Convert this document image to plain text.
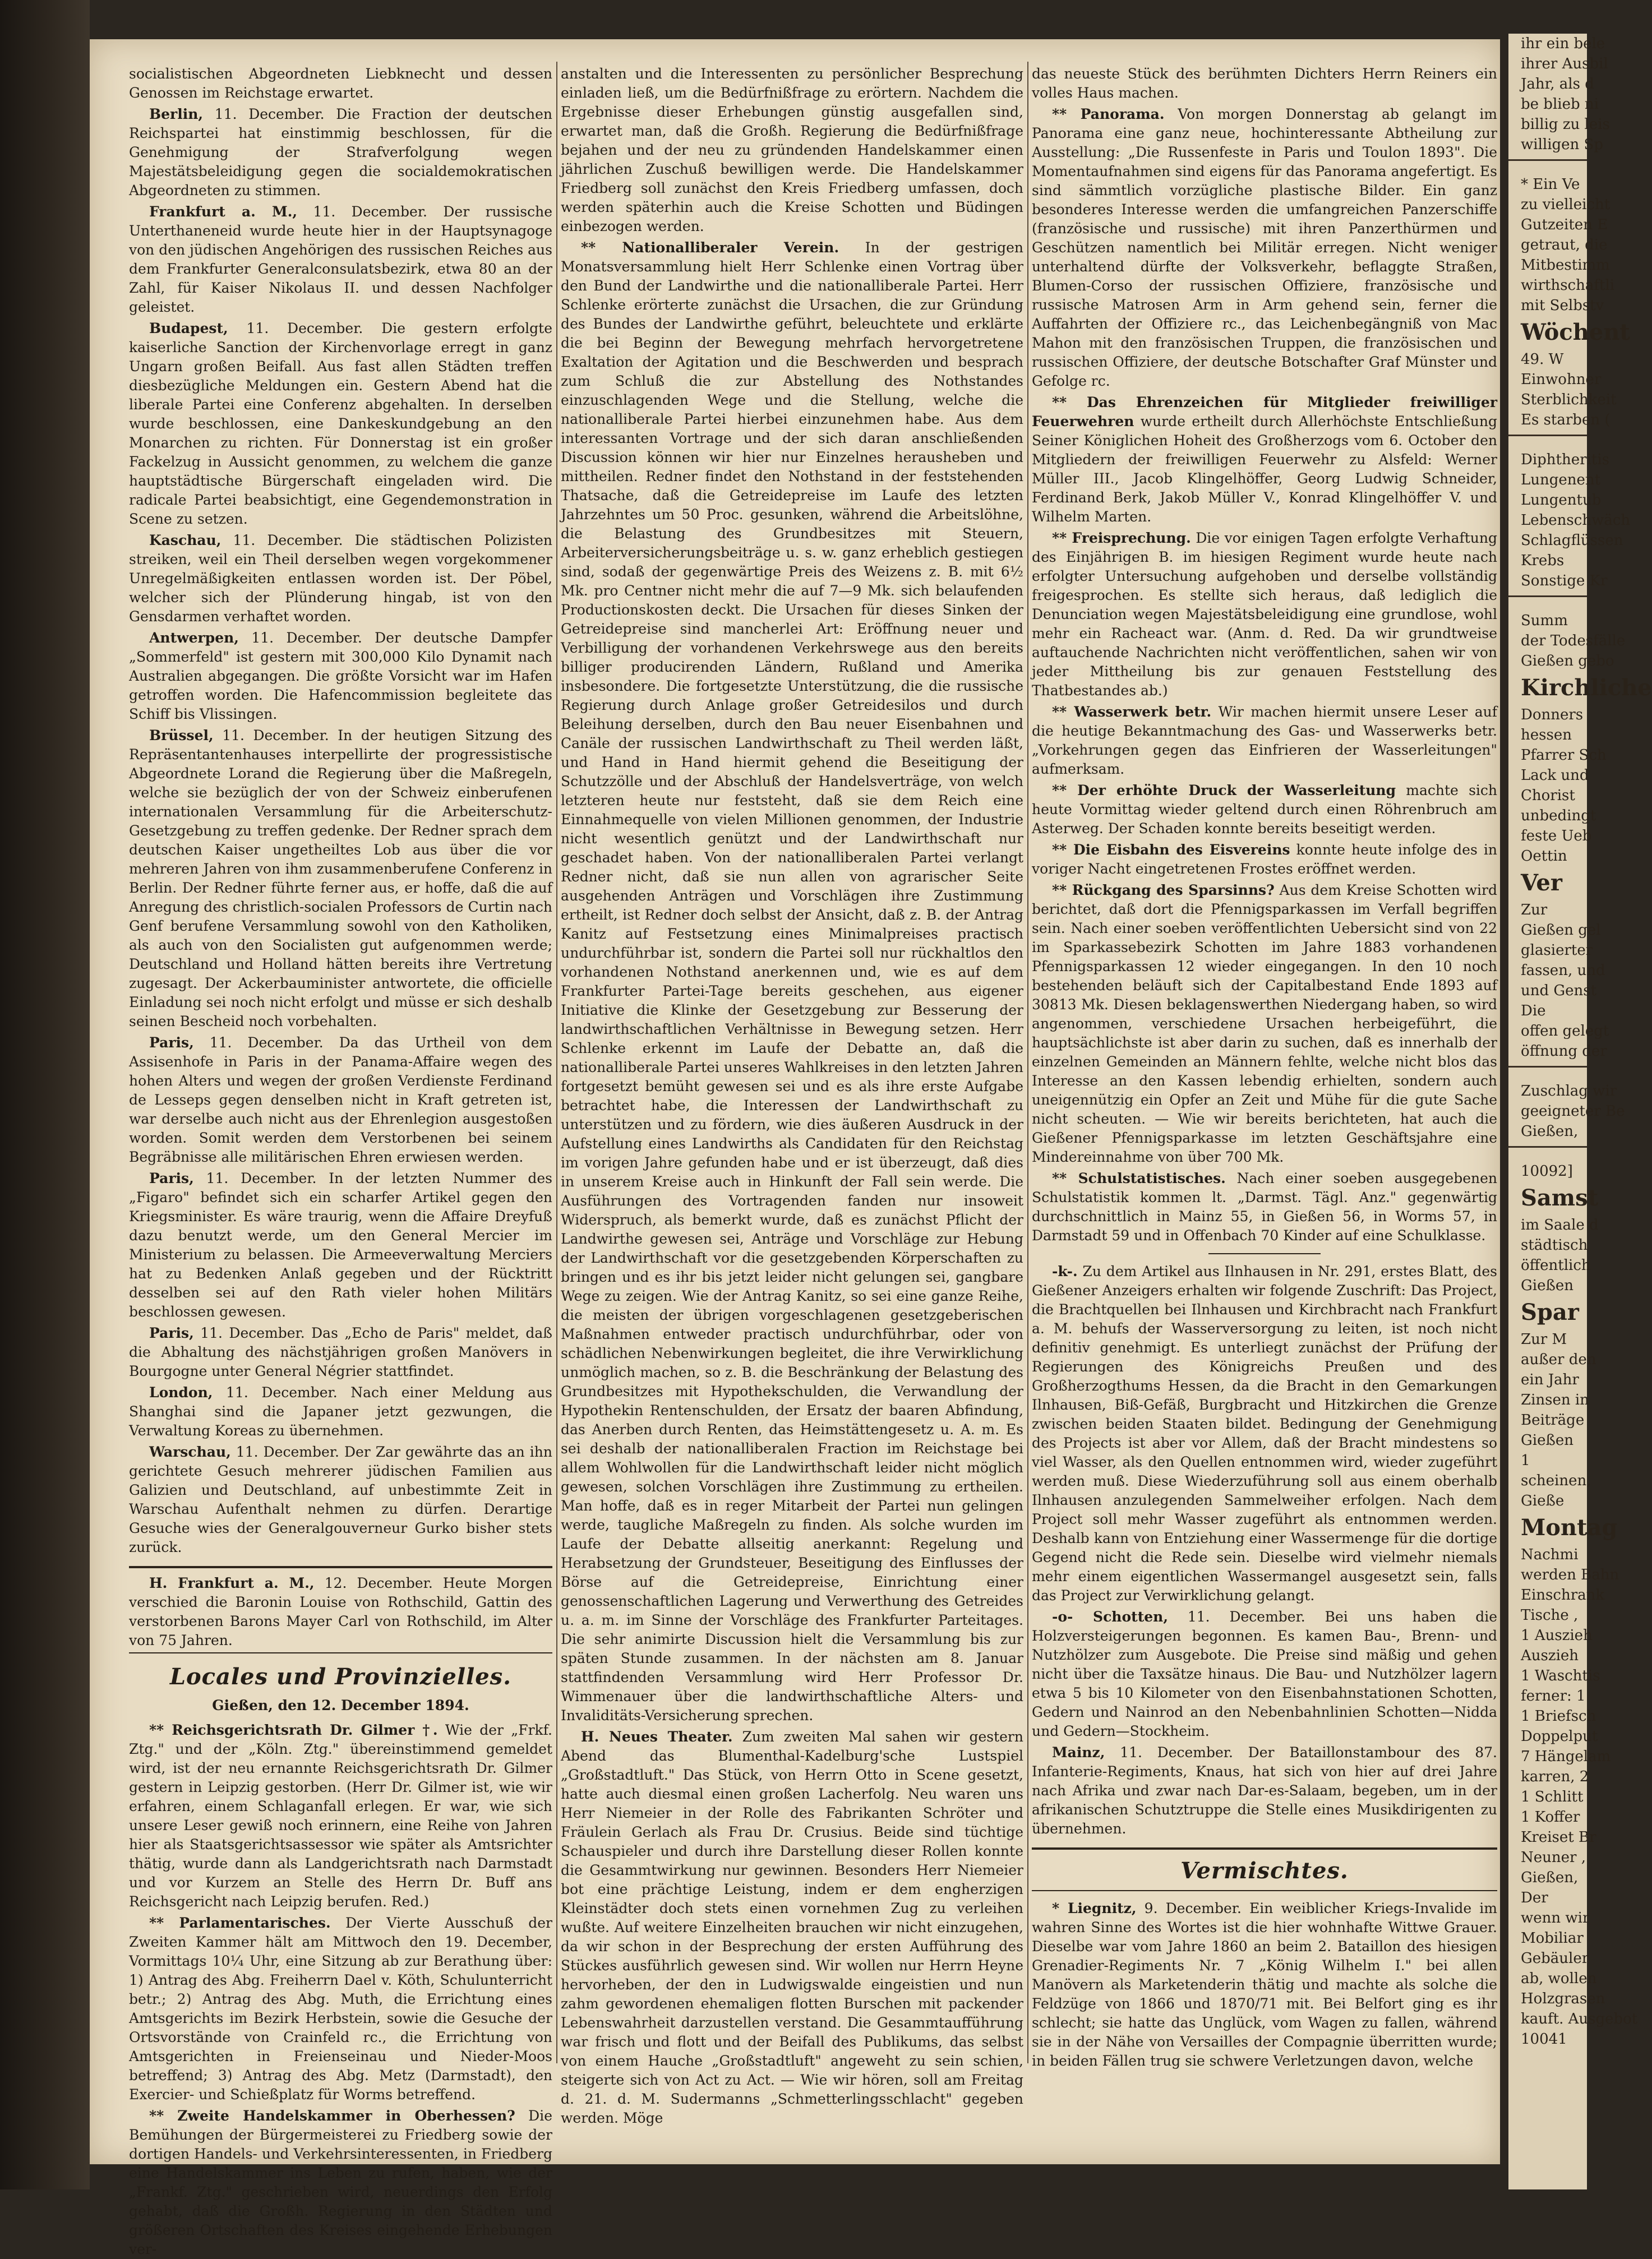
ihr ein bele
ihrer Ausbil
Jahr, als d
be blieb ni
billig zu leis
willigen Sp
* Ein Ve
zu vielleicht
Gutzeiten E
getraut, die
Mitbestimm
wirthschaftli
mit Selbstv
Wöchent
49. W
Einwohner
Sterblichkeit
Es starben (
Diphtheritis
Lungenent
Lungentub
Lebenschwäch
Schlagflüssen
Krebs
Sonstige Kr
Summ
der Todesfälle
Gießen gebo
Kirchliche
Donners
hessen
Pfarrer Sch
Lack und
Chorist
unbedingt
feste Ueb
Oettin
Ver
Zur
Gießen gel
glasierter
fassen, und
und Genst
Die
offen gelegt
öffnung der
Zuschlag wir
geeigneter Be
Gießen,
10092]
Samst
im Saale d
städtisch
öffentlich
Gießen
Spar
Zur M
außer den
ein Jahr
Zinsen in
Beiträge
Gießen
1
scheinen,
Gieße
Montag
Nachmi
werden Bahn
Einschrank
Tische ,
1 Auszieh
Auszieh
1 Waschtis
ferner: 1
1 Briefsch
Doppelput
7 Hängelam
karren, 2
1 Schlitt
1 Koffer
Kreiset Br
Neuner ,
Gießen,
Der
wenn wir
Mobiliar
Gebäuler
ab, wollen
Holzgrasen
kauft. Ausgebot
10041

socialistischen Abgeordneten Liebknecht und dessen Genossen im Reichstage erwartet.

Berlin, 11. December. Die Fraction der deutschen Reichspartei hat einstimmig beschlossen, für die Genehmigung der Strafverfolgung wegen Majestätsbeleidigung gegen die socialdemokratischen Abgeordneten zu stimmen.

Frankfurt a. M., 11. December. Der russische Unterthaneneid wurde heute hier in der Hauptsynagoge von den jüdischen Angehörigen des russischen Reiches aus dem Frankfurter Generalconsulatsbezirk, etwa 80 an der Zahl, für Kaiser Nikolaus II. und dessen Nachfolger geleistet.

Budapest, 11. December. Die gestern erfolgte kaiserliche Sanction der Kirchenvorlage erregt in ganz Ungarn großen Beifall. Aus fast allen Städten treffen diesbezügliche Meldungen ein. Gestern Abend hat die liberale Partei eine Conferenz abgehalten. In derselben wurde beschlossen, eine Dankeskundgebung an den Monarchen zu richten. Für Donnerstag ist ein großer Fackelzug in Aussicht genommen, zu welchem die ganze hauptstädtische Bürgerschaft eingeladen wird. Die radicale Partei beabsichtigt, eine Gegendemonstration in Scene zu setzen.

Kaschau, 11. December. Die städtischen Polizisten streiken, weil ein Theil derselben wegen vorgekommener Unregelmäßigkeiten entlassen worden ist. Der Pöbel, welcher sich der Plünderung hingab, ist von den Gensdarmen verhaftet worden.

Antwerpen, 11. December. Der deutsche Dampfer „Sommerfeld" ist gestern mit 300,000 Kilo Dynamit nach Australien abgegangen. Die größte Vorsicht war im Hafen getroffen worden. Die Hafencommission begleitete das Schiff bis Vlissingen.

Brüssel, 11. December. In der heutigen Sitzung des Repräsentantenhauses interpellirte der progressistische Abgeordnete Lorand die Regierung über die Maßregeln, welche sie bezüglich der von der Schweiz einberufenen internationalen Versammlung für die Arbeiterschutz-Gesetzgebung zu treffen gedenke. Der Redner sprach dem deutschen Kaiser ungetheiltes Lob aus über die vor mehreren Jahren von ihm zusammenberufene Conferenz in Berlin. Der Redner führte ferner aus, er hoffe, daß die auf Anregung des christlich-socialen Professors de Curtin nach Genf berufene Versammlung sowohl von den Katholiken, als auch von den Socialisten gut aufgenommen werde; Deutschland und Holland hätten bereits ihre Vertretung zugesagt. Der Ackerbauminister antwortete, die officielle Einladung sei noch nicht erfolgt und müsse er sich deshalb seinen Bescheid noch vorbehalten.

Paris, 11. December. Da das Urtheil von dem Assisenhofe in Paris in der Panama-Affaire wegen des hohen Alters und wegen der großen Verdienste Ferdinand de Lesseps gegen denselben nicht in Kraft getreten ist, war derselbe auch nicht aus der Ehrenlegion ausgestoßen worden. Somit werden dem Verstorbenen bei seinem Begräbnisse alle militärischen Ehren erwiesen werden.

Paris, 11. December. In der letzten Nummer des „Figaro" befindet sich ein scharfer Artikel gegen den Kriegsminister. Es wäre traurig, wenn die Affaire Dreyfuß dazu benutzt werde, um den General Mercier im Ministerium zu belassen. Die Armeeverwaltung Merciers hat zu Bedenken Anlaß gegeben und der Rücktritt desselben sei auf den Rath vieler hohen Militärs beschlossen gewesen.

Paris, 11. December. Das „Echo de Paris" meldet, daß die Abhaltung des nächstjährigen großen Manövers in Bourgogne unter General Négrier stattfindet.

London, 11. December. Nach einer Meldung aus Shanghai sind die Japaner jetzt gezwungen, die Verwaltung Koreas zu übernehmen.

Warschau, 11. December. Der Zar gewährte das an ihn gerichtete Gesuch mehrerer jüdischen Familien aus Galizien und Deutschland, auf unbestimmte Zeit in Warschau Aufenthalt nehmen zu dürfen. Derartige Gesuche wies der Generalgouverneur Gurko bisher stets zurück.

H. Frankfurt a. M., 12. December. Heute Morgen verschied die Baronin Louise von Rothschild, Gattin des verstorbenen Barons Mayer Carl von Rothschild, im Alter von 75 Jahren.

Locales und Provinzielles.
Gießen, den 12. December 1894.

** Reichsgerichtsrath Dr. Gilmer †. Wie der „Frkf. Ztg." und der „Köln. Ztg." übereinstimmend gemeldet wird, ist der neu ernannte Reichsgerichtsrath Dr. Gilmer gestern in Leipzig gestorben. (Herr Dr. Gilmer ist, wie wir erfahren, einem Schlaganfall erlegen. Er war, wie sich unsere Leser gewiß noch erinnern, eine Reihe von Jahren hier als Staatsgerichtsassessor wie später als Amtsrichter thätig, wurde dann als Landgerichtsrath nach Darmstadt und vor Kurzem an Stelle des Herrn Dr. Buff ans Reichsgericht nach Leipzig berufen. Red.)

** Parlamentarisches. Der Vierte Ausschuß der Zweiten Kammer hält am Mittwoch den 19. December, Vormittags 10¼ Uhr, eine Sitzung ab zur Berathung über: 1) Antrag des Abg. Freiherrn Dael v. Köth, Schulunterricht betr.; 2) Antrag des Abg. Muth, die Errichtung eines Amtsgerichts im Bezirk Herbstein, sowie die Gesuche der Ortsvorstände von Crainfeld rc., die Errichtung von Amtsgerichten in Freienseinau und Nieder-Moos betreffend; 3) Antrag des Abg. Metz (Darmstadt), den Exercier- und Schießplatz für Worms betreffend.

** Zweite Handelskammer in Oberhessen? Die Bemühungen der Bürgermeisterei zu Friedberg sowie der dortigen Handels- und Verkehrsinteressenten, in Friedberg eine Handelskammer ins Leben zu rufen, haben, wie der „Frankf. Ztg." geschrieben wird, neuerdings den Erfolg gehabt, daß die Großh. Regierung in den Städten und größeren Ortschaften des Kreises eingehende Erhebungen ver-

anstalten und die Interessenten zu persönlicher Besprechung einladen ließ, um die Bedürfnißfrage zu erörtern. Nachdem die Ergebnisse dieser Erhebungen günstig ausgefallen sind, erwartet man, daß die Großh. Regierung die Bedürfnißfrage bejahen und der neu zu gründenden Handelskammer einen jährlichen Zuschuß bewilligen werde. Die Handelskammer Friedberg soll zunächst den Kreis Friedberg umfassen, doch werden späterhin auch die Kreise Schotten und Büdingen einbezogen werden.

** Nationalliberaler Verein. In der gestrigen Monatsversammlung hielt Herr Schlenke einen Vortrag über den Bund der Landwirthe und die nationalliberale Partei. Herr Schlenke erörterte zunächst die Ursachen, die zur Gründung des Bundes der Landwirthe geführt, beleuchtete und erklärte die bei Beginn der Bewegung mehrfach hervorgetretene Exaltation der Agitation und die Beschwerden und besprach zum Schluß die zur Abstellung des Nothstandes einzuschlagenden Wege und die Stellung, welche die nationalliberale Partei hierbei einzunehmen habe. Aus dem interessanten Vortrage und der sich daran anschließenden Discussion können wir hier nur Einzelnes herausheben und mittheilen. Redner findet den Nothstand in der feststehenden Thatsache, daß die Getreidepreise im Laufe des letzten Jahrzehntes um 50 Proc. gesunken, während die Arbeitslöhne, die Belastung des Grundbesitzes mit Steuern, Arbeiterversicherungsbeiträge u. s. w. ganz erheblich gestiegen sind, sodaß der gegenwärtige Preis des Weizens z. B. mit 6½ Mk. pro Centner nicht mehr die auf 7—9 Mk. sich belaufenden Productionskosten deckt. Die Ursachen für dieses Sinken der Getreidepreise sind mancherlei Art: Eröffnung neuer und Verbilligung der vorhandenen Verkehrswege aus den bereits billiger producirenden Ländern, Rußland und Amerika insbesondere. Die fortgesetzte Unterstützung, die die russische Regierung durch Anlage großer Getreidesilos und durch Beleihung derselben, durch den Bau neuer Eisenbahnen und Canäle der russischen Landwirthschaft zu Theil werden läßt, und Hand in Hand hiermit gehend die Beseitigung der Schutzzölle und der Abschluß der Handelsverträge, von welch letzteren heute nur feststeht, daß sie dem Reich eine Einnahmequelle von vielen Millionen genommen, der Industrie nicht wesentlich genützt und der Landwirthschaft nur geschadet haben. Von der nationalliberalen Partei verlangt Redner nicht, daß sie nun allen von agrarischer Seite ausgehenden Anträgen und Vorschlägen ihre Zustimmung ertheilt, ist Redner doch selbst der Ansicht, daß z. B. der Antrag Kanitz auf Festsetzung eines Minimalpreises practisch undurchführbar ist, sondern die Partei soll nur rückhaltlos den vorhandenen Nothstand anerkennen und, wie es auf dem Frankfurter Partei-Tage bereits geschehen, aus eigener Initiative die Klinke der Gesetzgebung zur Besserung der landwirthschaftlichen Verhältnisse in Bewegung setzen. Herr Schlenke erkennt im Laufe der Debatte an, daß die nationalliberale Partei unseres Wahlkreises in den letzten Jahren fortgesetzt bemüht gewesen sei und es als ihre erste Aufgabe betrachtet habe, die Interessen der Landwirthschaft zu unterstützen und zu fördern, wie dies äußeren Ausdruck in der Aufstellung eines Landwirths als Candidaten für den Reichstag im vorigen Jahre gefunden habe und er ist überzeugt, daß dies in unserem Kreise auch in Hinkunft der Fall sein werde. Die Ausführungen des Vortragenden fanden nur insoweit Widerspruch, als bemerkt wurde, daß es zunächst Pflicht der Landwirthe gewesen sei, Anträge und Vorschläge zur Hebung der Landwirthschaft vor die gesetzgebenden Körperschaften zu bringen und es ihr bis jetzt leider nicht gelungen sei, gangbare Wege zu zeigen. Wie der Antrag Kanitz, so sei eine ganze Reihe, die meisten der übrigen vorgeschlagenen gesetzgeberischen Maßnahmen entweder practisch undurchführbar, oder von schädlichen Nebenwirkungen begleitet, die ihre Verwirklichung unmöglich machen, so z. B. die Beschränkung der Belastung des Grundbesitzes mit Hypothekschulden, die Verwandlung der Hypothekin Rentenschulden, der Ersatz der baaren Abfindung, das Anerben durch Renten, das Heimstättengesetz u. A. m. Es sei deshalb der nationalliberalen Fraction im Reichstage bei allem Wohlwollen für die Landwirthschaft leider nicht möglich gewesen, solchen Vorschlägen ihre Zustimmung zu ertheilen. Man hoffe, daß es in reger Mitarbeit der Partei nun gelingen werde, taugliche Maßregeln zu finden. Als solche wurden im Laufe der Debatte allseitig anerkannt: Regelung und Herabsetzung der Grundsteuer, Beseitigung des Einflusses der Börse auf die Getreidepreise, Einrichtung einer genossenschaftlichen Lagerung und Verwerthung des Getreides u. a. m. im Sinne der Vorschläge des Frankfurter Parteitages. Die sehr animirte Discussion hielt die Versammlung bis zur späten Stunde zusammen. In der nächsten am 8. Januar stattfindenden Versammlung wird Herr Professor Dr. Wimmenauer über die landwirthschaftliche Alters- und Invaliditäts-Versicherung sprechen.

H. Neues Theater. Zum zweiten Mal sahen wir gestern Abend das Blumenthal-Kadelburg'sche Lustspiel „Großstadtluft." Das Stück, von Herrn Otto in Scene gesetzt, hatte auch diesmal einen großen Lacherfolg. Neu waren uns Herr Niemeier in der Rolle des Fabrikanten Schröter und Fräulein Gerlach als Frau Dr. Crusius. Beide sind tüchtige Schauspieler und durch ihre Darstellung dieser Rollen konnte die Gesammtwirkung nur gewinnen. Besonders Herr Niemeier bot eine prächtige Leistung, indem er dem engherzigen Kleinstädter doch stets einen vornehmen Zug zu verleihen wußte. Auf weitere Einzelheiten brauchen wir nicht einzugehen, da wir schon in der Besprechung der ersten Aufführung des Stückes ausführlich gewesen sind. Wir wollen nur Herrn Heyne hervorheben, der den in Ludwigswalde eingeistien und nun zahm gewordenen ehemaligen flotten Burschen mit packender Lebenswahrheit darzustellen verstand. Die Gesammtaufführung war frisch und flott und der Beifall des Publikums, das selbst von einem Hauche „Großstadtluft" angeweht zu sein schien, steigerte sich von Act zu Act. — Wie wir hören, soll am Freitag d. 21. d. M. Sudermanns „Schmetterlingsschlacht" gegeben werden. Möge

das neueste Stück des berühmten Dichters Herrn Reiners ein volles Haus machen.

** Panorama. Von morgen Donnerstag ab gelangt im Panorama eine ganz neue, hochinteressante Abtheilung zur Ausstellung: „Die Russenfeste in Paris und Toulon 1893". Die Momentaufnahmen sind eigens für das Panorama angefertigt. Es sind sämmtlich vorzügliche plastische Bilder. Ein ganz besonderes Interesse werden die umfangreichen Panzerschiffe (französische und russische) mit ihren Panzerthürmen und Geschützen namentlich bei Militär erregen. Nicht weniger unterhaltend dürfte der Volksverkehr, beflaggte Straßen, Blumen-Corso der russischen Offiziere, französische und russische Matrosen Arm in Arm gehend sein, ferner die Auffahrten der Offiziere rc., das Leichenbegängniß von Mac Mahon mit den französischen Truppen, die französischen und russischen Offiziere, der deutsche Botschafter Graf Münster und Gefolge rc.

** Das Ehrenzeichen für Mitglieder freiwilliger Feuerwehren wurde ertheilt durch Allerhöchste Entschließung Seiner Königlichen Hoheit des Großherzogs vom 6. October den Mitgliedern der freiwilligen Feuerwehr zu Alsfeld: Werner Müller III., Jacob Klingelhöffer, Georg Ludwig Schneider, Ferdinand Berk, Jakob Müller V., Konrad Klingelhöffer V. und Wilhelm Marten.

** Freisprechung. Die vor einigen Tagen erfolgte Verhaftung des Einjährigen B. im hiesigen Regiment wurde heute nach erfolgter Untersuchung aufgehoben und derselbe vollständig freigesprochen. Es stellte sich heraus, daß lediglich die Denunciation wegen Majestätsbeleidigung eine grundlose, wohl mehr ein Racheact war. (Anm. d. Red. Da wir grundtweise auftauchende Nachrichten nicht veröffentlichen, sahen wir von jeder Mittheilung bis zur genauen Feststellung des Thatbestandes ab.)

** Wasserwerk betr. Wir machen hiermit unsere Leser auf die heutige Bekanntmachung des Gas- und Wasserwerks betr. „Vorkehrungen gegen das Einfrieren der Wasserleitungen" aufmerksam.

** Der erhöhte Druck der Wasserleitung machte sich heute Vormittag wieder geltend durch einen Röhrenbruch am Asterweg. Der Schaden konnte bereits beseitigt werden.

** Die Eisbahn des Eisvereins konnte heute infolge des in voriger Nacht eingetretenen Frostes eröffnet werden.

** Rückgang des Sparsinns? Aus dem Kreise Schotten wird berichtet, daß dort die Pfennigsparkassen im Verfall begriffen sein. Nach einer soeben veröffentlichten Uebersicht sind von 22 im Sparkassebezirk Schotten im Jahre 1883 vorhandenen Pfennigsparkassen 12 wieder eingegangen. In den 10 noch bestehenden beläuft sich der Capitalbestand Ende 1893 auf 30813 Mk. Diesen beklagenswerthen Niedergang haben, so wird angenommen, verschiedene Ursachen herbeigeführt, die hauptsächlichste ist aber darin zu suchen, daß es innerhalb der einzelnen Gemeinden an Männern fehlte, welche nicht blos das Interesse an den Kassen lebendig erhielten, sondern auch uneigennützig ein Opfer an Zeit und Mühe für die gute Sache nicht scheuten. — Wie wir bereits berichteten, hat auch die Gießener Pfennigsparkasse im letzten Geschäftsjahre eine Mindereinnahme von über 700 Mk.

** Schulstatistisches. Nach einer soeben ausgegebenen Schulstatistik kommen lt. „Darmst. Tägl. Anz." gegenwärtig durchschnittlich in Mainz 55, in Gießen 56, in Worms 57, in Darmstadt 59 und in Offenbach 70 Kinder auf eine Schulklasse.

-k-. Zu dem Artikel aus Ilnhausen in Nr. 291, erstes Blatt, des Gießener Anzeigers erhalten wir folgende Zuschrift: Das Project, die Brachtquellen bei Ilnhausen und Kirchbracht nach Frankfurt a. M. behufs der Wasserversorgung zu leiten, ist noch nicht definitiv genehmigt. Es unterliegt zunächst der Prüfung der Regierungen des Königreichs Preußen und des Großherzogthums Hessen, da die Bracht in den Gemarkungen Ilnhausen, Biß-Gefäß, Burgbracht und Hitzkirchen die Grenze zwischen beiden Staaten bildet. Bedingung der Genehmigung des Projects ist aber vor Allem, daß der Bracht mindestens so viel Wasser, als den Quellen entnommen wird, wieder zugeführt werden muß. Diese Wiederzuführung soll aus einem oberhalb Ilnhausen anzulegenden Sammelweiher erfolgen. Nach dem Project soll mehr Wasser zugeführt als entnommen werden. Deshalb kann von Entziehung einer Wassermenge für die dortige Gegend nicht die Rede sein. Dieselbe wird vielmehr niemals mehr einem eigentlichen Wassermangel ausgesetzt sein, falls das Project zur Verwirklichung gelangt.

-o- Schotten, 11. December. Bei uns haben die Holzversteigerungen begonnen. Es kamen Bau-, Brenn- und Nutzhölzer zum Ausgebote. Die Preise sind mäßig und gehen nicht über die Taxsätze hinaus. Die Bau- und Nutzhölzer lagern etwa 5 bis 10 Kilometer von den Eisenbahnstationen Schotten, Gedern und Nainrod an den Nebenbahnlinien Schotten—Nidda und Gedern—Stockheim.

Mainz, 11. December. Der Bataillonstambour des 87. Infanterie-Regiments, Knaus, hat sich von hier auf drei Jahre nach Afrika und zwar nach Dar-es-Salaam, begeben, um in der afrikanischen Schutztruppe die Stelle eines Musikdirigenten zu übernehmen.

Vermischtes.

* Liegnitz, 9. December. Ein weiblicher Kriegs-Invalide im wahren Sinne des Wortes ist die hier wohnhafte Wittwe Grauer. Dieselbe war vom Jahre 1860 an beim 2. Bataillon des hiesigen Grenadier-Regiments Nr. 7 „König Wilhelm I." bei allen Manövern als Marketenderin thätig und machte als solche die Feldzüge von 1866 und 1870/71 mit. Bei Belfort ging es ihr schlecht; sie hatte das Unglück, vom Wagen zu fallen, während sie in der Nähe von Versailles der Compagnie überritten wurde; in beiden Fällen trug sie schwere Verletzungen davon, welche
